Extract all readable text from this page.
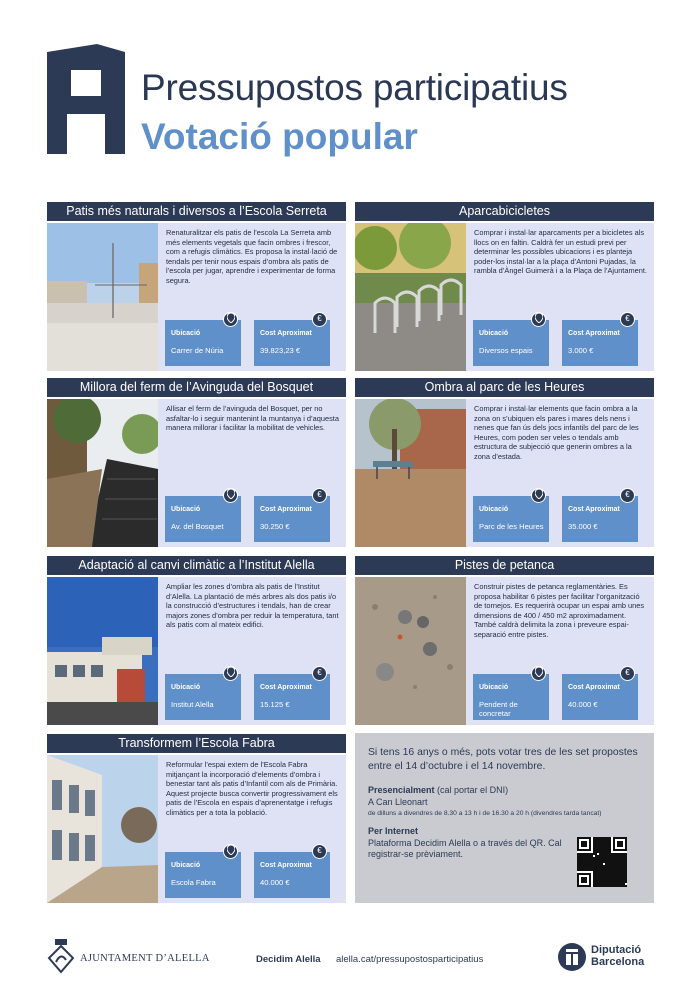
Pressupostos participatius
Votació popular
Patis més naturals i diversos a l’Escola Serreta
Renaturalitzar els patis de l’escola La Serreta amb més elements vegetals que facin ombres i frescor, com a refugis climàtics. Es proposa la instal·lació de tendals per tenir nous espais d’ombra als patis de l’escola per jugar, aprendre i experimentar de forma segura.
Ubicació
Carrer de Núria
€
Cost Aproximat
39.823,23 €
Aparcabicicletes
Comprar i instal·lar aparcaments per a bicicletes als llocs on en faltin. Caldrà fer un estudi previ per determinar les possibles ubicacions i es planteja poder-los instal·lar a la plaça d’Antoni Pujadas, la rambla d’Àngel Guimerà i a la Plaça de l’Ajuntament.
Ubicació
Diversos espais
€
Cost Aproximat
3.000 €
Millora del ferm de l’Avinguda del Bosquet
Allisar el ferm de l’avinguda del Bosquet, per no asfaltar-lo i seguir mantenint la muntanya i d’aquesta manera millorar i facilitar la mobilitat de vehicles.
Ubicació
Av. del Bosquet
€
Cost Aproximat
30.250 €
Ombra al parc de les Heures
Comprar i instal·lar elements que facin ombra a la zona on s’ubiquen els pares i mares dels nens i nenes que fan ús dels jocs infantils del parc de les Heures, com poden ser veles o tendals amb estructura de subjecció que generin ombres a la zona d’estada.
Ubicació
Parc de les Heures
€
Cost Aproximat
35.000 €
Adaptació al canvi climàtic a l’Institut Alella
Ampliar les zones d’ombra als patis de l’Institut d’Alella. La plantació de més arbres als dos patis i/o la construcció d’estructures i tendals, han de crear majors zones d’ombra per reduir la temperatura, tant als patis com al mateix edifici.
Ubicació
Institut Alella
€
Cost Aproximat
15.125 €
Pistes de petanca
Construir pistes de petanca reglamentàries. Es proposa habilitar 6 pistes per facilitar l’organització de tornejos. Es requerirà ocupar un espai amb unes dimensions de 400 / 450 m2 aproximadament. També caldrà delimita la zona i preveure espai-separació entre pistes.
Ubicació
Pendent de concretar
€
Cost Aproximat
40.000 €
Transformem l’Escola Fabra
Reformular l’espai extern de l’Escola Fabra mitjançant la incorporació d’elements d’ombra i benestar tant als patis d’Infantil com als de Primària. Aquest projecte busca convertir progressivament els patis de l’Escola en espais d’aprenentatge i refugis climàtics per a tota la població.
Ubicació
Escola Fabra
€
Cost Aproximat
40.000 €
Si tens 16 anys o més, pots votar tres de les set propostes entre el 14 d’octubre i el 14 novembre.
Presencialment (cal portar el DNI)
A Can Lleonart
de dilluns a divendres de 8.30 a 13 h i de 16.30 a 20 h (divendres tarda tancat)
Per Internet
Plataforma Decidim Alella o a través del QR. Cal registrar-se prèviament.
AJUNTAMENT D’ALELLA	Decidim Alella alella.cat/pressupostosparticipatius
Diputació
Barcelona
